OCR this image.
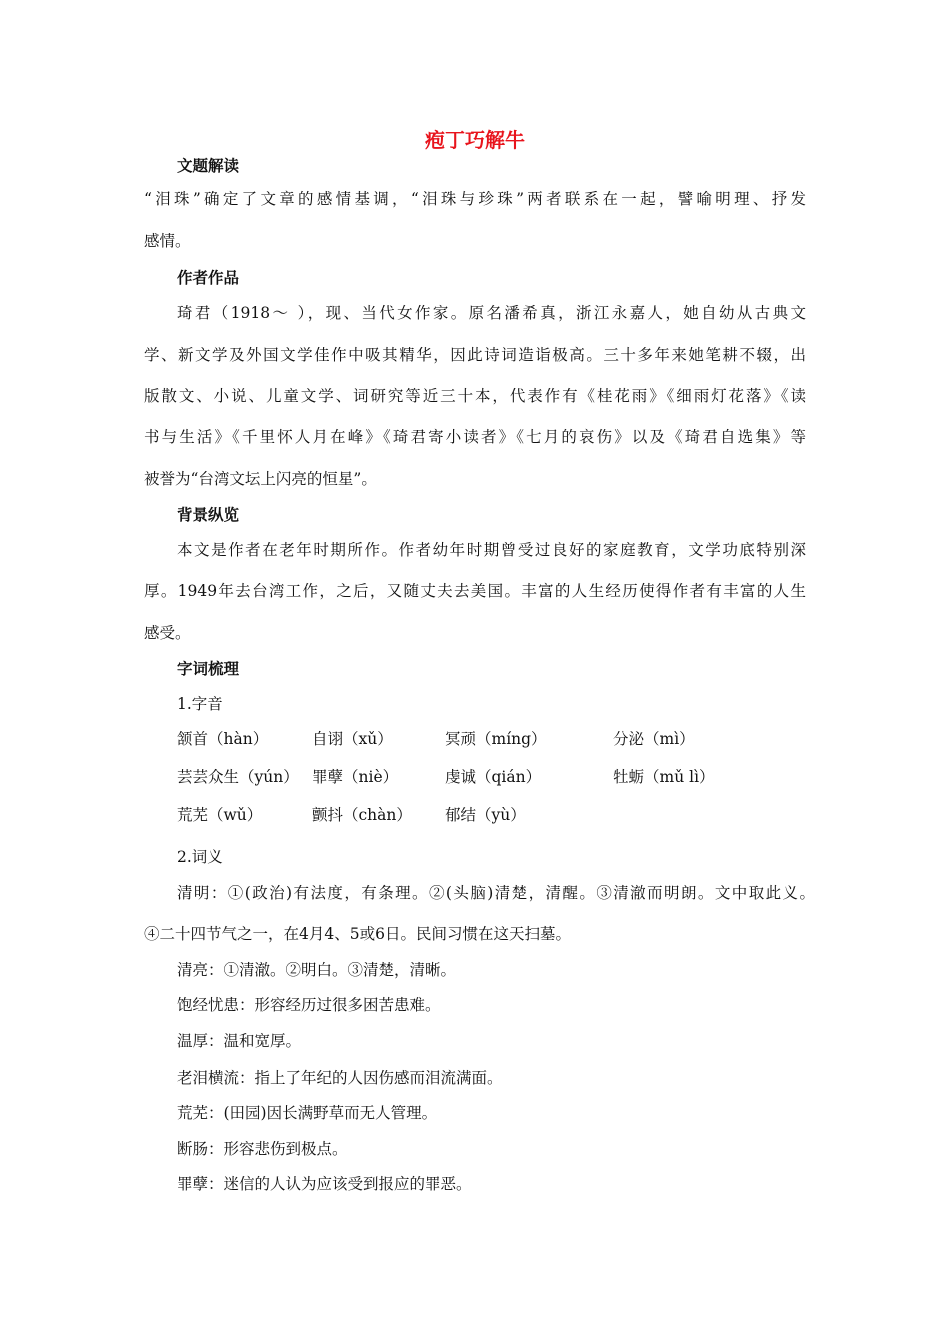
疱丁巧解牛
文题解读
“泪珠”确定了文章的感情基调，“泪珠与珍珠”两者联系在一起，譬喻明理、抒发
感情。
作者作品
琦君（1918～ ），现、当代女作家。原名潘希真，浙江永嘉人，她自幼从古典文
学、新文学及外国文学佳作中吸其精华，因此诗词造诣极高。三十多年来她笔耕不辍，出
版散文、小说、儿童文学、词研究等近三十本，代表作有《桂花雨》《细雨灯花落》《读
书与生活》《千里怀人月在峰》《琦君寄小读者》《七月的哀伤》以及《琦君自选集》等
被誉为“台湾文坛上闪亮的恒星”。
背景纵览
本文是作者在老年时期所作。作者幼年时期曾受过良好的家庭教育，文学功底特别深
厚。1949年去台湾工作，之后，又随丈夫去美国。丰富的人生经历使得作者有丰富的人生
感受。
字词梳理
1.字音
颔首（hàn）	自诩（xǔ）	冥顽（míng）	分泌（mì）
芸芸众生（yún） 罪孽（niè）	虔诚（qián）	牡蛎（mǔ lì）
荒芜（wǔ）	颤抖（chàn） 郁结（yù）
2.词义
清明：①(政治)有法度，有条理。②(头脑)清楚，清醒。③清澈而明朗。文中取此义。
④二十四节气之一，在4月4、5或6日。民间习惯在这天扫墓。
清亮：①清澈。②明白。③清楚，清晰。
饱经忧患：形容经历过很多困苦患难。
温厚：温和宽厚。
老泪横流：指上了年纪的人因伤感而泪流满面。
荒芜：(田园)因长满野草而无人管理。
断肠：形容悲伤到极点。
罪孽：迷信的人认为应该受到报应的罪恶。
